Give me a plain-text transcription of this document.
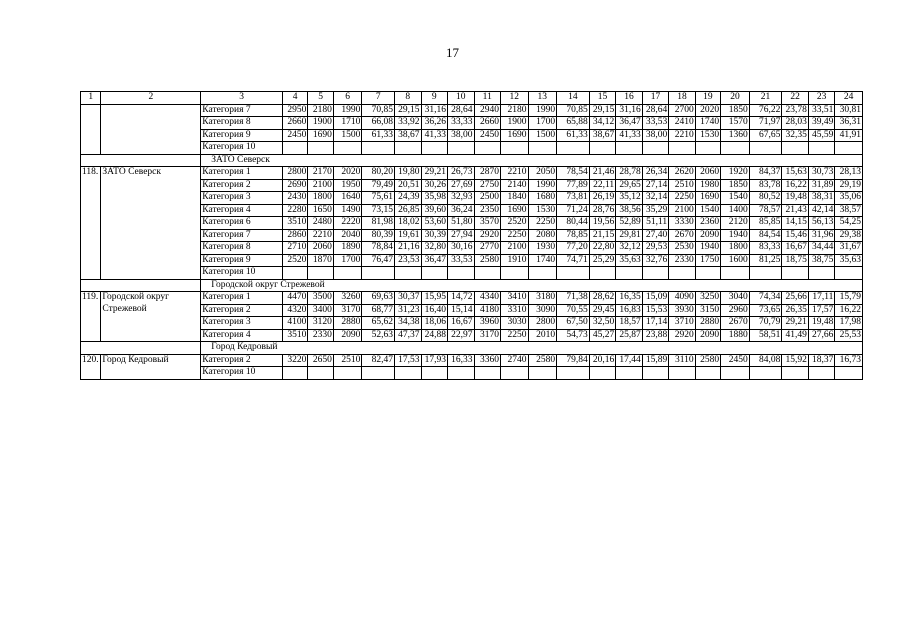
17
1	2	3	4	5	6	7	8	9	10	11	12	13	14	15	16	17	18	19	20	21	22	23	24
		Категория 7	2950	2180	1990	70,85	29,15	31,16	28,64	2940	2180	1990	70,85	29,15	31,16	28,64	2700	2020	1850	76,22	23,78	33,51	30,81
		Категория 8	2660	1900	1710	66,08	33,92	36,26	33,33	2660	1900	1700	65,88	34,12	36,47	33,53	2410	1740	1570	71,97	28,03	39,49	36,31
		Категория 9	2450	1690	1500	61,33	38,67	41,33	38,00	2450	1690	1500	61,33	38,67	41,33	38,00	2210	1530	1360	67,65	32,35	45,59	41,91
		Категория 10																					
		ЗАТО Северск																					
118.	ЗАТО Северск	Категория 1	2800	2170	2020	80,20	19,80	29,21	26,73	2870	2210	2050	78,54	21,46	28,78	26,34	2620	2060	1920	84,37	15,63	30,73	28,13
		Категория 2	2690	2100	1950	79,49	20,51	30,26	27,69	2750	2140	1990	77,89	22,11	29,65	27,14	2510	1980	1850	83,78	16,22	31,89	29,19
		Категория 3	2430	1800	1640	75,61	24,39	35,98	32,93	2500	1840	1680	73,81	26,19	35,12	32,14	2250	1690	1540	80,52	19,48	38,31	35,06
		Категория 4	2280	1650	1490	73,15	26,85	39,60	36,24	2350	1690	1530	71,24	28,76	38,56	35,29	2100	1540	1400	78,57	21,43	42,14	38,57
		Категория 6	3510	2480	2220	81,98	18,02	53,60	51,80	3570	2520	2250	80,44	19,56	52,89	51,11	3330	2360	2120	85,85	14,15	56,13	54,25
		Категория 7	2860	2210	2040	80,39	19,61	30,39	27,94	2920	2250	2080	78,85	21,15	29,81	27,40	2670	2090	1940	84,54	15,46	31,96	29,38
		Категория 8	2710	2060	1890	78,84	21,16	32,80	30,16	2770	2100	1930	77,20	22,80	32,12	29,53	2530	1940	1800	83,33	16,67	34,44	31,67
		Категория 9	2520	1870	1700	76,47	23,53	36,47	33,53	2580	1910	1740	74,71	25,29	35,63	32,76	2330	1750	1600	81,25	18,75	38,75	35,63
		Категория 10																					
		Городской округ Стрежевой																					
119.	Городской округ	Категория 1	4470	3500	3260	69,63	30,37	15,95	14,72	4340	3410	3180	71,38	28,62	16,35	15,09	4090	3250	3040	74,34	25,66	17,11	15,79
	Стрежевой	Категория 2	4320	3400	3170	68,77	31,23	16,40	15,14	4180	3310	3090	70,55	29,45	16,83	15,53	3930	3150	2960	73,65	26,35	17,57	16,22
		Категория 3	4100	3120	2880	65,62	34,38	18,06	16,67	3960	3030	2800	67,50	32,50	18,57	17,14	3710	2880	2670	70,79	29,21	19,48	17,98
		Категория 4	3510	2330	2090	52,63	47,37	24,88	22,97	3170	2250	2010	54,73	45,27	25,87	23,88	2920	2090	1880	58,51	41,49	27,66	25,53
		Город Кедровый																					
120.	Город Кедровый	Категория 2	3220	2650	2510	82,47	17,53	17,93	16,33	3360	2740	2580	79,84	20,16	17,44	15,89	3110	2580	2450	84,08	15,92	18,37	16,73
		Категория 10																					
